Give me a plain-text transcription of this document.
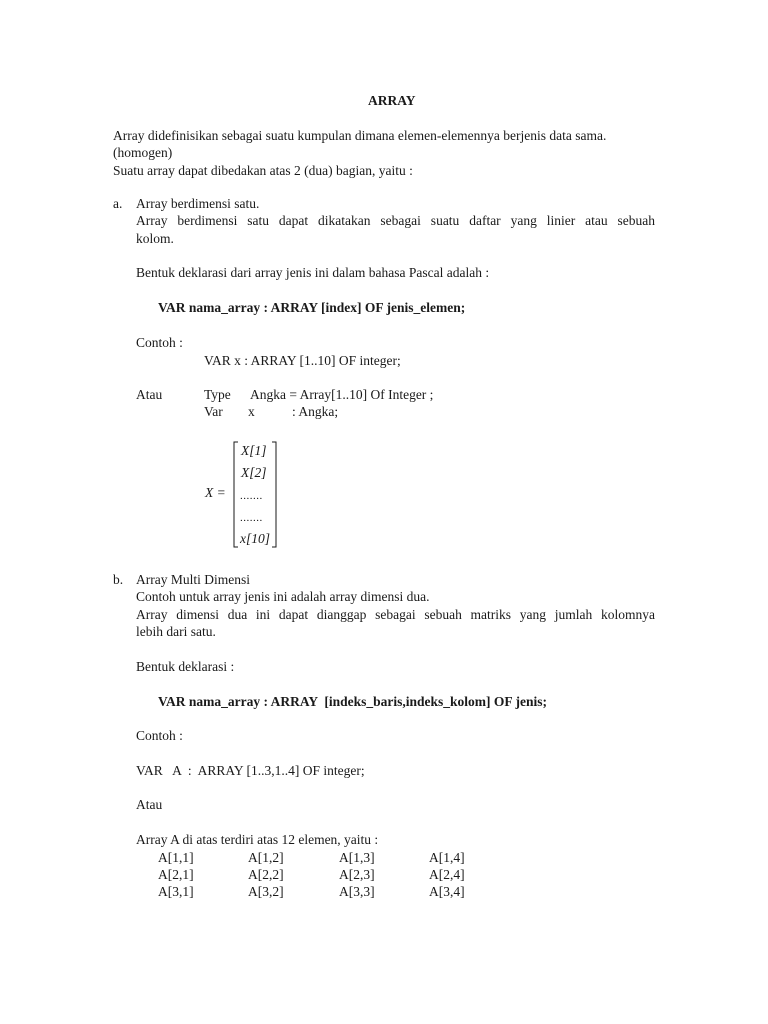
ARRAY
Array didefinisikan sebagai suatu kumpulan dimana elemen-elemennya berjenis data sama.
(homogen)
Suatu array dapat dibedakan atas 2 (dua) bagian, yaitu :
a. Array berdimensi satu.
Array berdimensi satu dapat dikatakan sebagai suatu daftar yang linier atau sebuah
kolom.
Bentuk deklarasi dari array jenis ini dalam bahasa Pascal adalah :
VAR nama_array : ARRAY [index] OF jenis_elemen;
Contoh :
VAR x : ARRAY [1..10] OF integer;
Atau	Type Angka = Array[1..10] Of Integer ;
Var x	: Angka;
X =
X[1]
X[2]
.......
.......
x[10]
b. Array Multi Dimensi
Contoh untuk array jenis ini adalah array dimensi dua.
Array dimensi dua ini dapat dianggap sebagai sebuah matriks yang jumlah kolomnya
lebih dari satu.
Bentuk deklarasi :
VAR nama_array : ARRAY  [indeks_baris,indeks_kolom] OF jenis;
Contoh :
VAR   A  :  ARRAY [1..3,1..4] OF integer;
Atau
Array A di atas terdiri atas 12 elemen, yaitu :
A[1,1]	A[1,2]	A[1,3]	A[1,4]
A[2,1]	A[2,2]	A[2,3]	A[2,4]
A[3,1]	A[3,2]	A[3,3]	A[3,4]
